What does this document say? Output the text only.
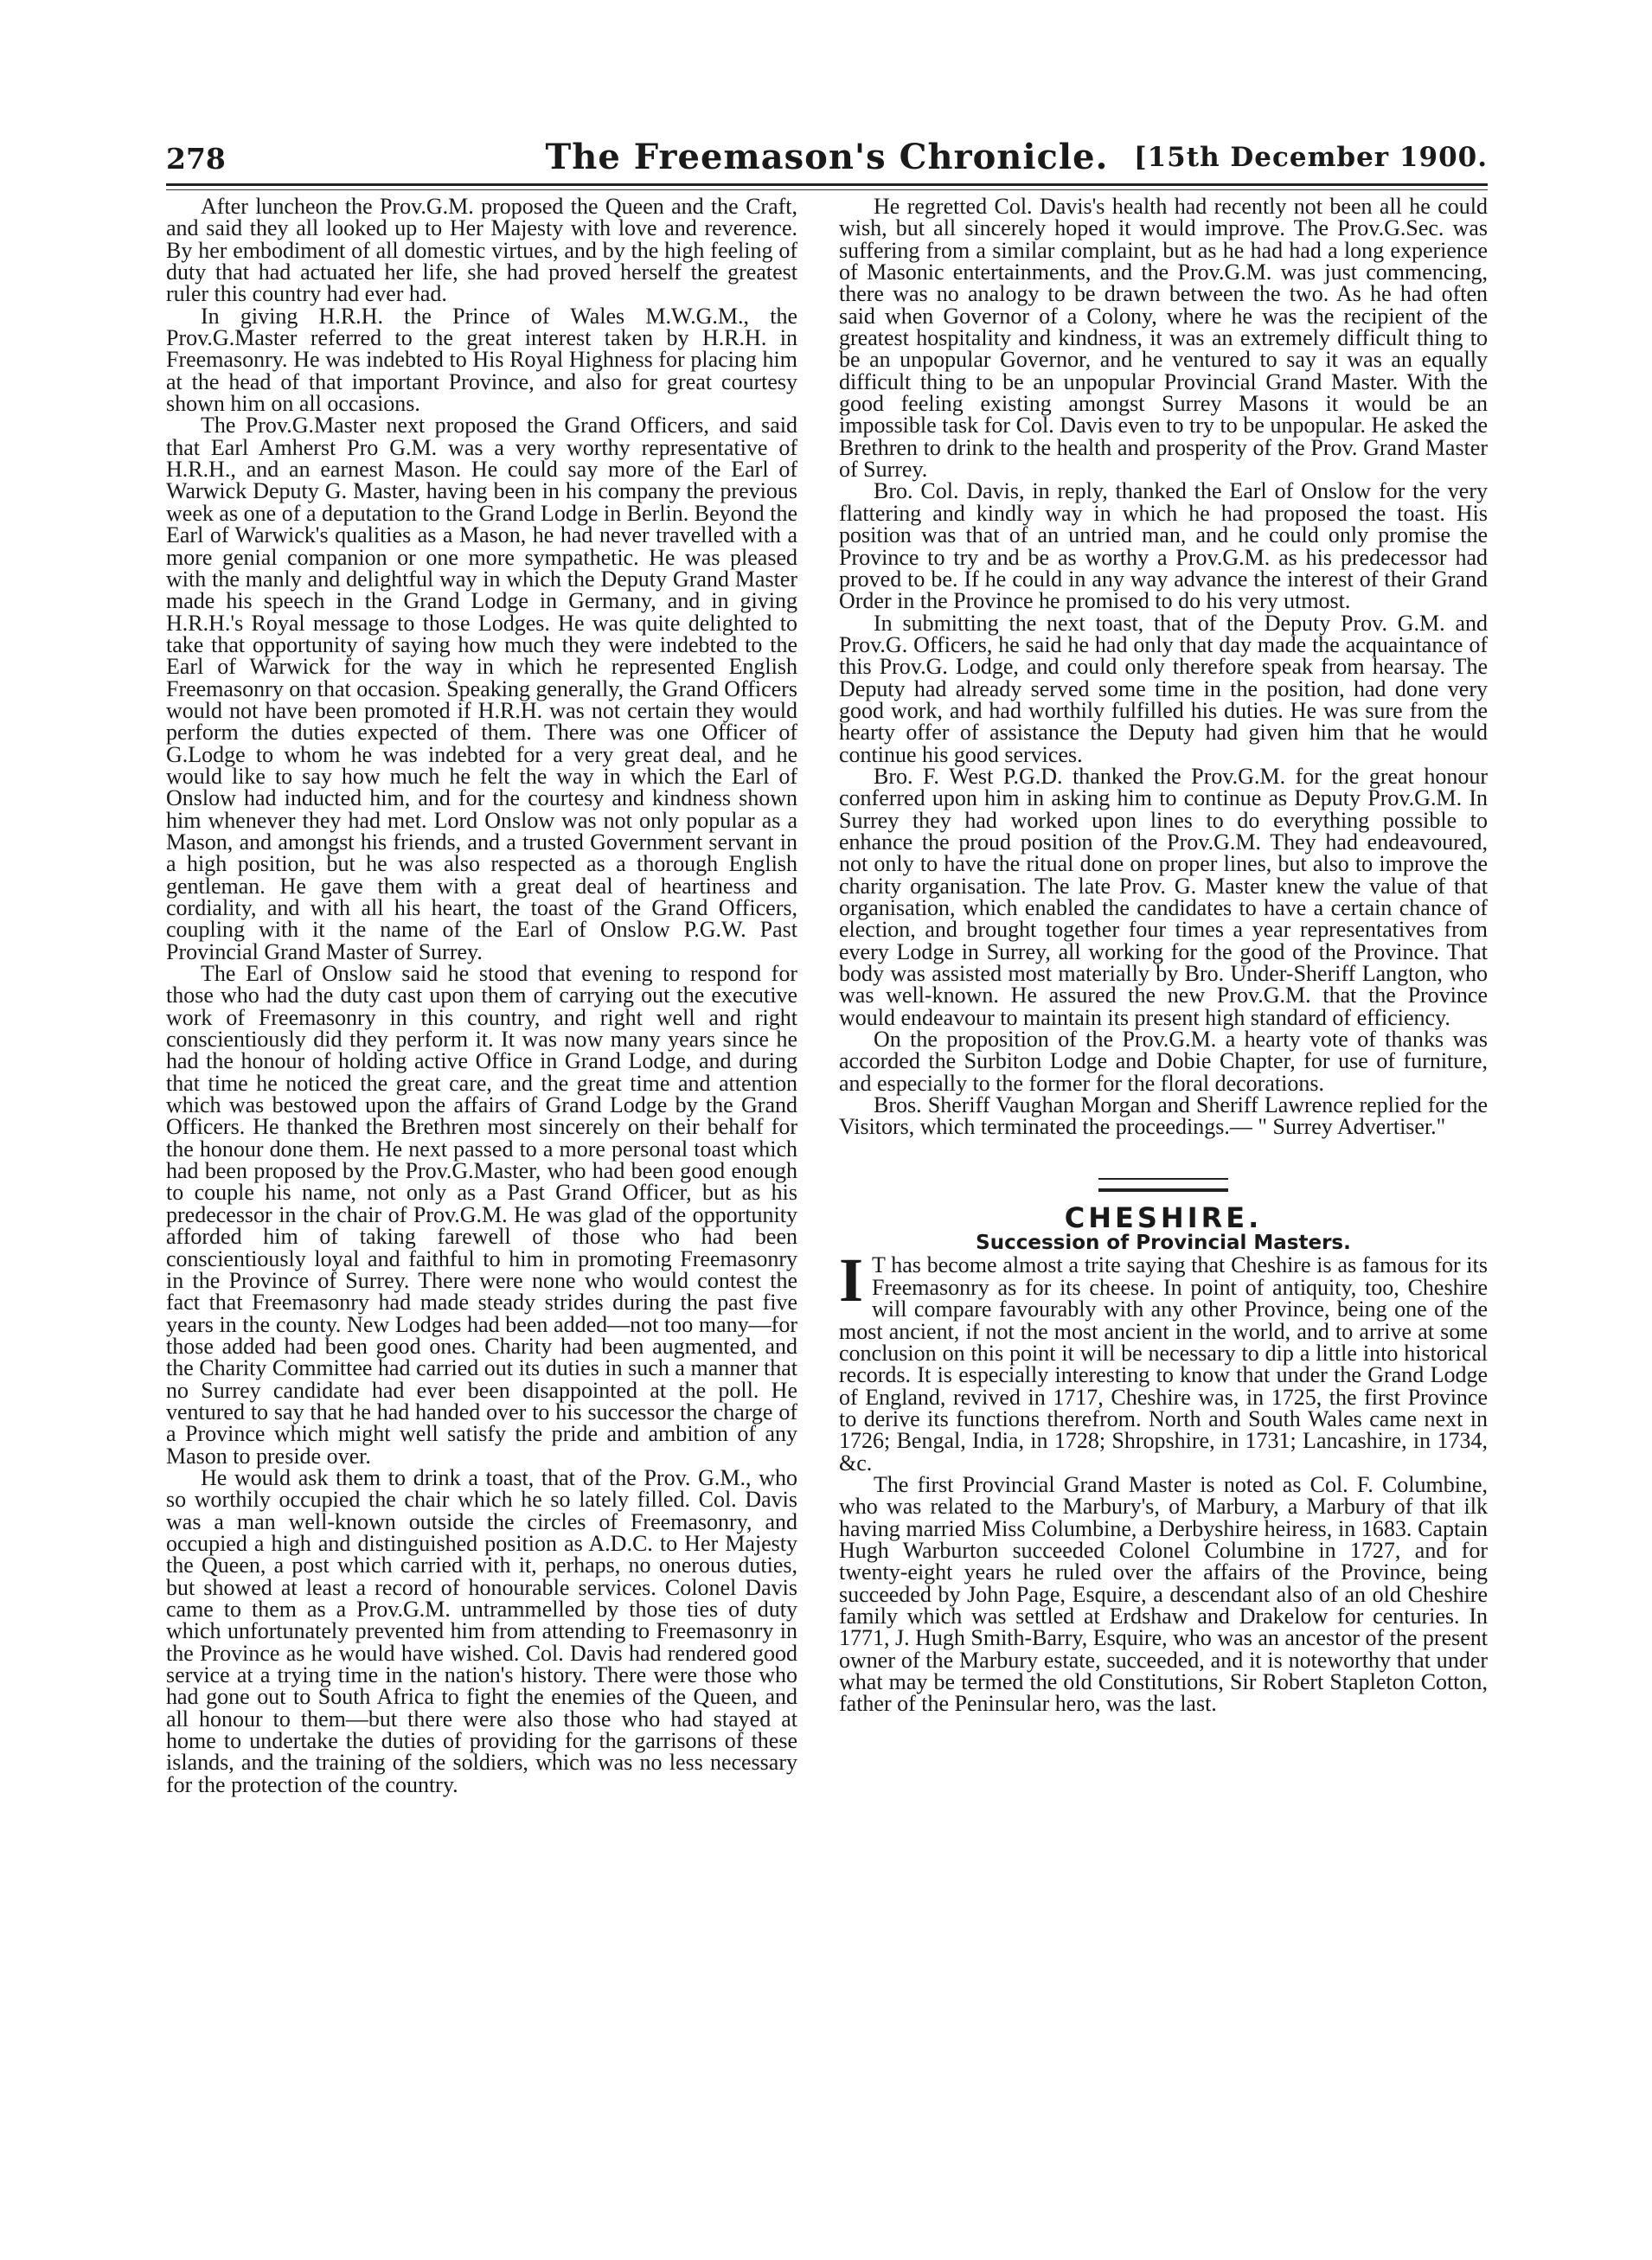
278	The Freemason's Chronicle. [15th December 1900.

After luncheon the Prov.G.M. proposed the Queen and the Craft, and said they all looked up to Her Majesty with love and reverence. By her embodiment of all domestic virtues, and by the high feeling of duty that had actuated her life, she had proved herself the greatest ruler this country had ever had.

In giving H.R.H. the Prince of Wales M.W.G.M., the Prov.G.Master referred to the great interest taken by H.R.H. in Freemasonry. He was indebted to His Royal Highness for placing him at the head of that important Province, and also for great courtesy shown him on all occasions.

The Prov.G.Master next proposed the Grand Officers, and said that Earl Amherst Pro G.M. was a very worthy representative of H.R.H., and an earnest Mason. He could say more of the Earl of Warwick Deputy G. Master, having been in his company the previous week as one of a deputation to the Grand Lodge in Berlin. Beyond the Earl of Warwick's qualities as a Mason, he had never travelled with a more genial companion or one more sympathetic. He was pleased with the manly and delightful way in which the Deputy Grand Master made his speech in the Grand Lodge in Germany, and in giving H.R.H.'s Royal message to those Lodges. He was quite delighted to take that opportunity of saying how much they were indebted to the Earl of Warwick for the way in which he represented English Freemasonry on that occasion. Speaking generally, the Grand Officers would not have been promoted if H.R.H. was not certain they would perform the duties expected of them. There was one Officer of G.Lodge to whom he was indebted for a very great deal, and he would like to say how much he felt the way in which the Earl of Onslow had inducted him, and for the courtesy and kindness shown him whenever they had met. Lord Onslow was not only popular as a Mason, and amongst his friends, and a trusted Government servant in a high position, but he was also respected as a thorough English gentleman. He gave them with a great deal of heartiness and cordiality, and with all his heart, the toast of the Grand Officers, coupling with it the name of the Earl of Onslow P.G.W. Past Provincial Grand Master of Surrey.

The Earl of Onslow said he stood that evening to respond for those who had the duty cast upon them of carrying out the executive work of Freemasonry in this country, and right well and right conscientiously did they perform it. It was now many years since he had the honour of holding active Office in Grand Lodge, and during that time he noticed the great care, and the great time and attention which was bestowed upon the affairs of Grand Lodge by the Grand Officers. He thanked the Brethren most sincerely on their behalf for the honour done them. He next passed to a more personal toast which had been proposed by the Prov.G.Master, who had been good enough to couple his name, not only as a Past Grand Officer, but as his predecessor in the chair of Prov.G.M. He was glad of the opportunity afforded him of taking farewell of those who had been conscientiously loyal and faithful to him in promoting Freemasonry in the Province of Surrey. There were none who would contest the fact that Freemasonry had made steady strides during the past five years in the county. New Lodges had been added—not too many—for those added had been good ones. Charity had been augmented, and the Charity Committee had carried out its duties in such a manner that no Surrey candidate had ever been disappointed at the poll. He ventured to say that he had handed over to his successor the charge of a Province which might well satisfy the pride and ambition of any Mason to preside over.

He would ask them to drink a toast, that of the Prov. G.M., who so worthily occupied the chair which he so lately filled. Col. Davis was a man well-known outside the circles of Freemasonry, and occupied a high and distinguished position as A.D.C. to Her Majesty the Queen, a post which carried with it, perhaps, no onerous duties, but showed at least a record of honourable services. Colonel Davis came to them as a Prov.G.M. untrammelled by those ties of duty which unfortunately prevented him from attending to Freemasonry in the Province as he would have wished. Col. Davis had rendered good service at a trying time in the nation's history. There were those who had gone out to South Africa to fight the enemies of the Queen, and all honour to them—but there were also those who had stayed at home to undertake the duties of providing for the garrisons of these islands, and the training of the soldiers, which was no less necessary for the protection of the country.

He regretted Col. Davis's health had recently not been all he could wish, but all sincerely hoped it would improve. The Prov.G.Sec. was suffering from a similar complaint, but as he had had a long experience of Masonic entertainments, and the Prov.G.M. was just commencing, there was no analogy to be drawn between the two. As he had often said when Governor of a Colony, where he was the recipient of the greatest hospitality and kindness, it was an extremely difficult thing to be an unpopular Governor, and he ventured to say it was an equally difficult thing to be an unpopular Provincial Grand Master. With the good feeling existing amongst Surrey Masons it would be an impossible task for Col. Davis even to try to be unpopular. He asked the Brethren to drink to the health and prosperity of the Prov. Grand Master of Surrey.

Bro. Col. Davis, in reply, thanked the Earl of Onslow for the very flattering and kindly way in which he had proposed the toast. His position was that of an untried man, and he could only promise the Province to try and be as worthy a Prov.G.M. as his predecessor had proved to be. If he could in any way advance the interest of their Grand Order in the Province he promised to do his very utmost.

In submitting the next toast, that of the Deputy Prov. G.M. and Prov.G. Officers, he said he had only that day made the acquaintance of this Prov.G. Lodge, and could only therefore speak from hearsay. The Deputy had already served some time in the position, had done very good work, and had worthily fulfilled his duties. He was sure from the hearty offer of assistance the Deputy had given him that he would continue his good services.

Bro. F. West P.G.D. thanked the Prov.G.M. for the great honour conferred upon him in asking him to continue as Deputy Prov.G.M. In Surrey they had worked upon lines to do everything possible to enhance the proud position of the Prov.G.M. They had endeavoured, not only to have the ritual done on proper lines, but also to improve the charity organisation. The late Prov. G. Master knew the value of that organisation, which enabled the candidates to have a certain chance of election, and brought together four times a year representatives from every Lodge in Surrey, all working for the good of the Province. That body was assisted most materially by Bro. Under-Sheriff Langton, who was well-known. He assured the new Prov.G.M. that the Province would endeavour to maintain its present high standard of efficiency.

On the proposition of the Prov.G.M. a hearty vote of thanks was accorded the Surbiton Lodge and Dobie Chapter, for use of furniture, and especially to the former for the floral decorations.

Bros. Sheriff Vaughan Morgan and Sheriff Lawrence replied for the Visitors, which terminated the proceedings.— " Surrey Advertiser."

CHESHIRE.
Succession of Provincial Masters.

I T has become almost a trite saying that Cheshire is as famous for its Freemasonry as for its cheese. In point of antiquity, too, Cheshire will compare favourably with any other Province, being one of the most ancient, if not the most ancient in the world, and to arrive at some conclusion on this point it will be necessary to dip a little into historical records. It is especially interesting to know that under the Grand Lodge of England, revived in 1717, Cheshire was, in 1725, the first Province to derive its functions therefrom. North and South Wales came next in 1726; Bengal, India, in 1728; Shropshire, in 1731; Lancashire, in 1734, &c.

The first Provincial Grand Master is noted as Col. F. Columbine, who was related to the Marbury's, of Marbury, a Marbury of that ilk having married Miss Columbine, a Derbyshire heiress, in 1683. Captain Hugh Warburton succeeded Colonel Columbine in 1727, and for twenty-eight years he ruled over the affairs of the Province, being succeeded by John Page, Esquire, a descendant also of an old Cheshire family which was settled at Erdshaw and Drakelow for centuries. In 1771, J. Hugh Smith-Barry, Esquire, who was an ancestor of the present owner of the Marbury estate, succeeded, and it is noteworthy that under what may be termed the old Constitutions, Sir Robert Stapleton Cotton, father of the Peninsular hero, was the last.
